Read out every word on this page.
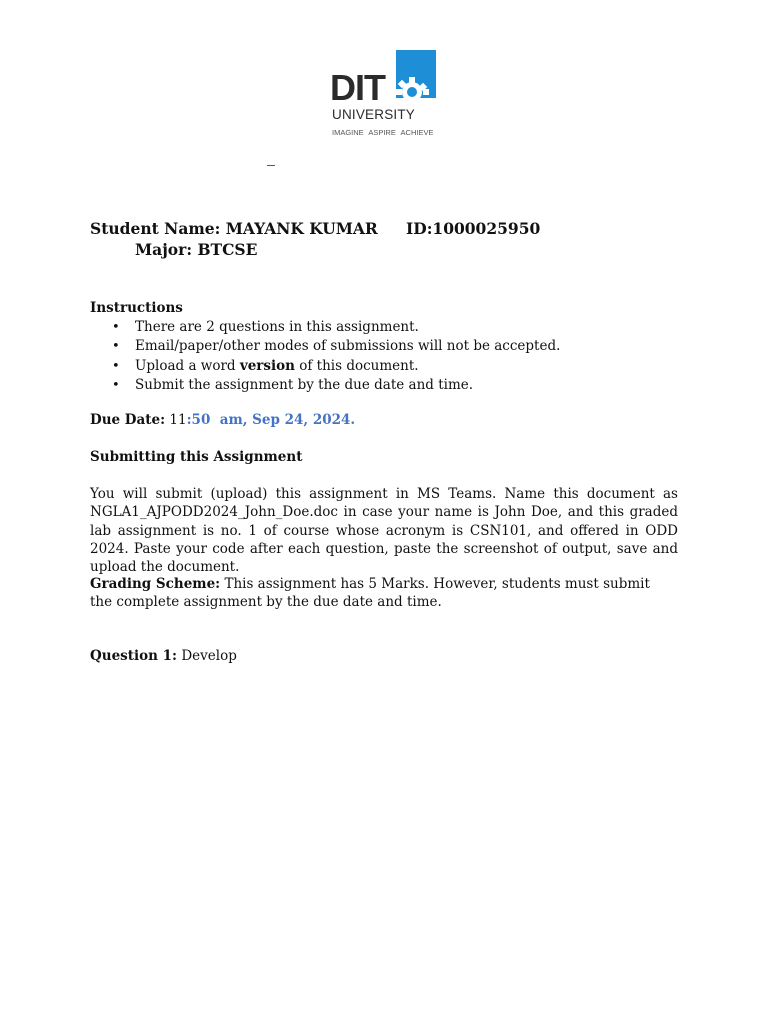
DIT
UNIVERSITY
IMAGINE ASPIRE ACHIEVE
Student Name: MAYANK KUMAR ID:1000025950
Major: BTCSE
Instructions
• There are 2 questions in this assignment.
• Email/paper/other modes of submissions will not be accepted.
• Upload a word version of this document.
• Submit the assignment by the due date and time.
Due Date: 11:50  am, Sep 24, 2024.
Submitting this Assignment
You will submit (upload) this assignment in MS Teams. Name this document as NGLA1_AJPODD2024_John_Doe.doc in case your name is John Doe, and this graded lab assignment is no. 1 of course whose acronym is CSN101, and offered in ODD 2024. Paste your code after each question, paste the screenshot of output, save and upload the document.
Grading Scheme: This assignment has 5 Marks. However, students must submit the complete assignment by the due date and time.
Question 1: Develop
